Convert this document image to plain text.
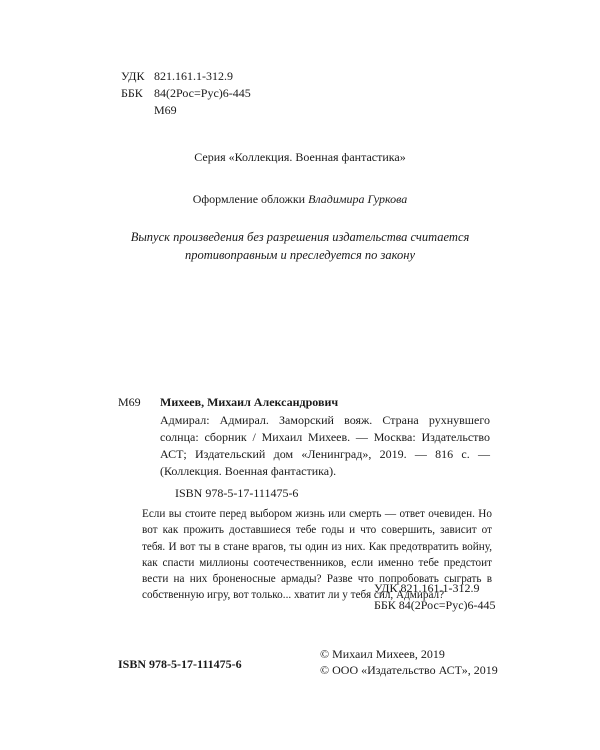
УДК 821.161.1-312.9
ББК 84(2Рос=Рус)6-445
М69
Серия «Коллекция. Военная фантастика»
Оформление обложки Владимира Гуркова
Выпуск произведения без разрешения издательства считается
противоправным и преследуется по закону
М69 Михеев, Михаил Александрович
Адмирал: Адмирал. Заморский вояж. Страна рухнувшего солнца: сборник / Михаил Михеев. — Москва: Издательство АСТ; Издательский дом «Ленинград», 2019. — 816 с. — (Коллекция. Военная фантастика).
ISBN 978-5-17-111475-6
Если вы стоите перед выбором жизнь или смерть — ответ очевиден. Но вот как прожить доставшиеся тебе годы и что совершить, зависит от тебя. И вот ты в стане врагов, ты один из них. Как предотвратить войну, как спасти миллионы соотечественников, если именно тебе предстоит вести на них броненосные армады? Разве что попробовать сыграть в собственную игру, вот только... хватит ли у тебя сил, Адмирал?
УДК 821.161.1-312.9
ББК 84(2Рос=Рус)6-445
ISBN 978-5-17-111475-6
© Михаил Михеев, 2019
© ООО «Издательство АСТ», 2019
